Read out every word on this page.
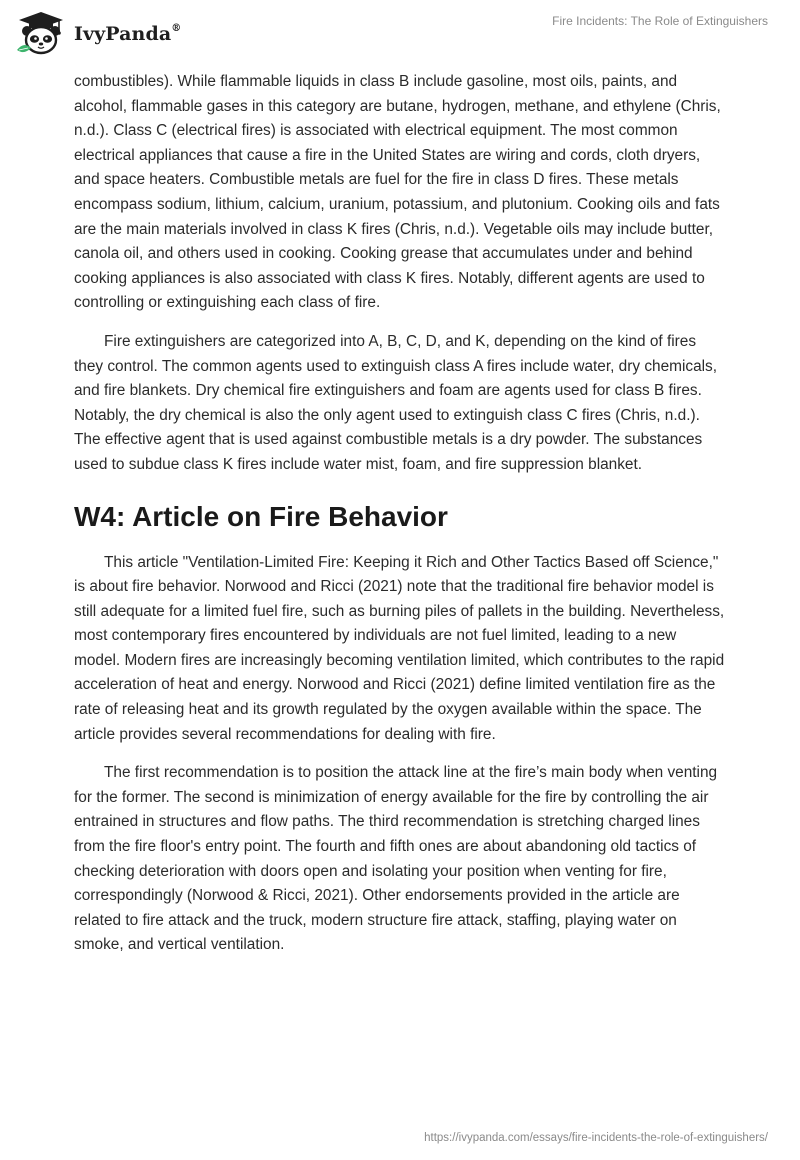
IvyPanda®
Fire Incidents: The Role of Extinguishers

combustibles). While flammable liquids in class B include gasoline, most oils, paints, and alcohol, flammable gases in this category are butane, hydrogen, methane, and ethylene (Chris, n.d.). Class C (electrical fires) is associated with electrical equipment. The most common electrical appliances that cause a fire in the United States are wiring and cords, cloth dryers, and space heaters. Combustible metals are fuel for the fire in class D fires. These metals encompass sodium, lithium, calcium, uranium, potassium, and plutonium. Cooking oils and fats are the main materials involved in class K fires (Chris, n.d.). Vegetable oils may include butter, canola oil, and others used in cooking. Cooking grease that accumulates under and behind cooking appliances is also associated with class K fires. Notably, different agents are used to controlling or extinguishing each class of fire.

Fire extinguishers are categorized into A, B, C, D, and K, depending on the kind of fires they control. The common agents used to extinguish class A fires include water, dry chemicals, and fire blankets. Dry chemical fire extinguishers and foam are agents used for class B fires. Notably, the dry chemical is also the only agent used to extinguish class C fires (Chris, n.d.). The effective agent that is used against combustible metals is a dry powder. The substances used to subdue class K fires include water mist, foam, and fire suppression blanket.

W4: Article on Fire Behavior

This article "Ventilation-Limited Fire: Keeping it Rich and Other Tactics Based off Science," is about fire behavior. Norwood and Ricci (2021) note that the traditional fire behavior model is still adequate for a limited fuel fire, such as burning piles of pallets in the building. Nevertheless, most contemporary fires encountered by individuals are not fuel limited, leading to a new model. Modern fires are increasingly becoming ventilation limited, which contributes to the rapid acceleration of heat and energy. Norwood and Ricci (2021) define limited ventilation fire as the rate of releasing heat and its growth regulated by the oxygen available within the space. The article provides several recommendations for dealing with fire.

The first recommendation is to position the attack line at the fire’s main body when venting for the former. The second is minimization of energy available for the fire by controlling the air entrained in structures and flow paths. The third recommendation is stretching charged lines from the fire floor's entry point. The fourth and fifth ones are about abandoning old tactics of checking deterioration with doors open and isolating your position when venting for fire, correspondingly (Norwood & Ricci, 2021). Other endorsements provided in the article are related to fire attack and the truck, modern structure fire attack, staffing, playing water on smoke, and vertical ventilation.

https://ivypanda.com/essays/fire-incidents-the-role-of-extinguishers/
